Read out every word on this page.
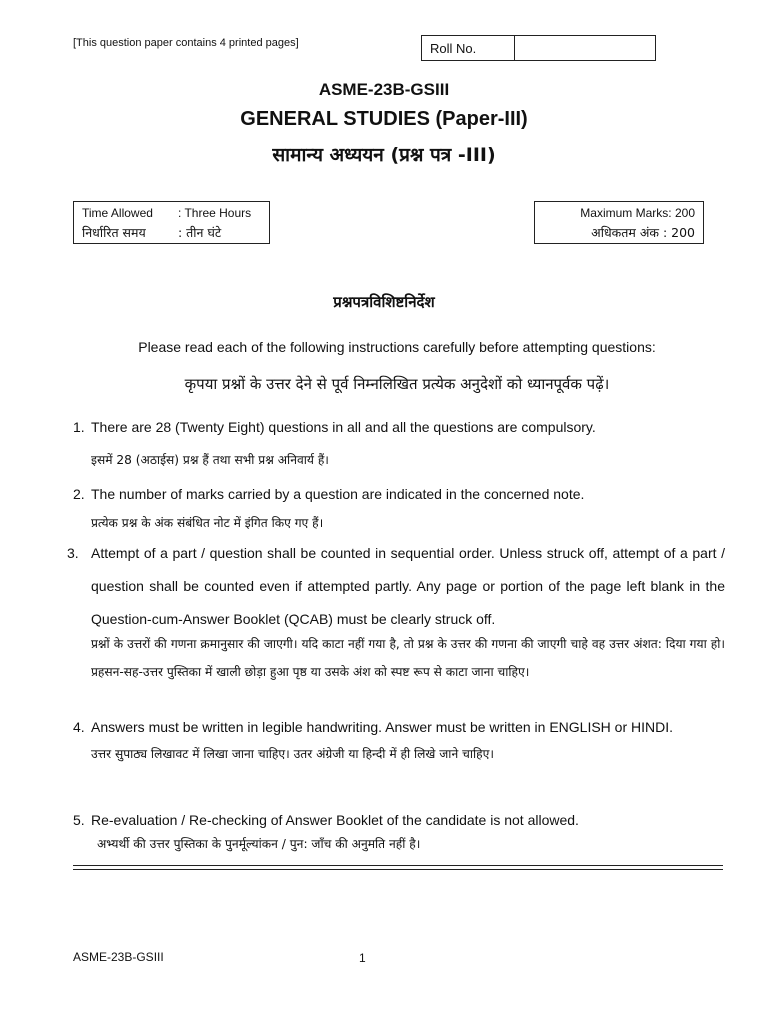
[This question paper contains 4 printed pages]	Roll No.
ASME-23B-GSIII
GENERAL STUDIES (Paper-III)
सामान्य अध्ययन (प्रश्न पत्र -III)
Time Allowed : Three Hours
निर्धारित समय	: तीन घंटे
Maximum Marks: 200
अधिकतम अंक : 200
प्रश्नपत्रविशिष्टनिर्देश
Please read each of the following instructions carefully before attempting questions:
कृपया प्रश्नों के उत्तर देने से पूर्व निम्नलिखित प्रत्येक अनुदेशों को ध्यानपूर्वक पढ़ें।
1. There are 28 (Twenty Eight) questions in all and all the questions are compulsory.
इसमें 28 (अठाईस) प्रश्न हैं तथा सभी प्रश्न अनिवार्य हैं।
2. The number of marks carried by a question are indicated in the concerned note.
प्रत्येक प्रश्न के अंक संबंधित नोट में इंगित किए गए हैं।
3. Attempt of a part / question shall be counted in sequential order. Unless struck off, attempt of a part / question shall be counted even if attempted partly. Any page or portion of the page left blank in the Question-cum-Answer Booklet (QCAB) must be clearly struck off.
प्रश्नों के उत्तरों की गणना क्रमानुसार की जाएगी। यदि काटा नहीं गया है, तो प्रश्न के उत्तर की गणना की जाएगी चाहे वह उत्तर अंशत: दिया गया हो। प्रहसन-सह-उत्तर पुस्तिका में खाली छोड़ा हुआ पृष्ठ या उसके अंश को स्पष्ट रूप से काटा जाना चाहिए।
4. Answers must be written in legible handwriting. Answer must be written in ENGLISH or HINDI.
उत्तर सुपाठ्य लिखावट में लिखा जाना चाहिए। उतर अंग्रेजी या हिन्दी में ही लिखे जाने चाहिए।
5. Re-evaluation / Re-checking of Answer Booklet of the candidate is not allowed.
अभ्यर्थी की उत्तर पुस्तिका के पुनर्मूल्यांकन / पुन: जाँच की अनुमति नहीं है।
ASME-23B-GSIII	1
